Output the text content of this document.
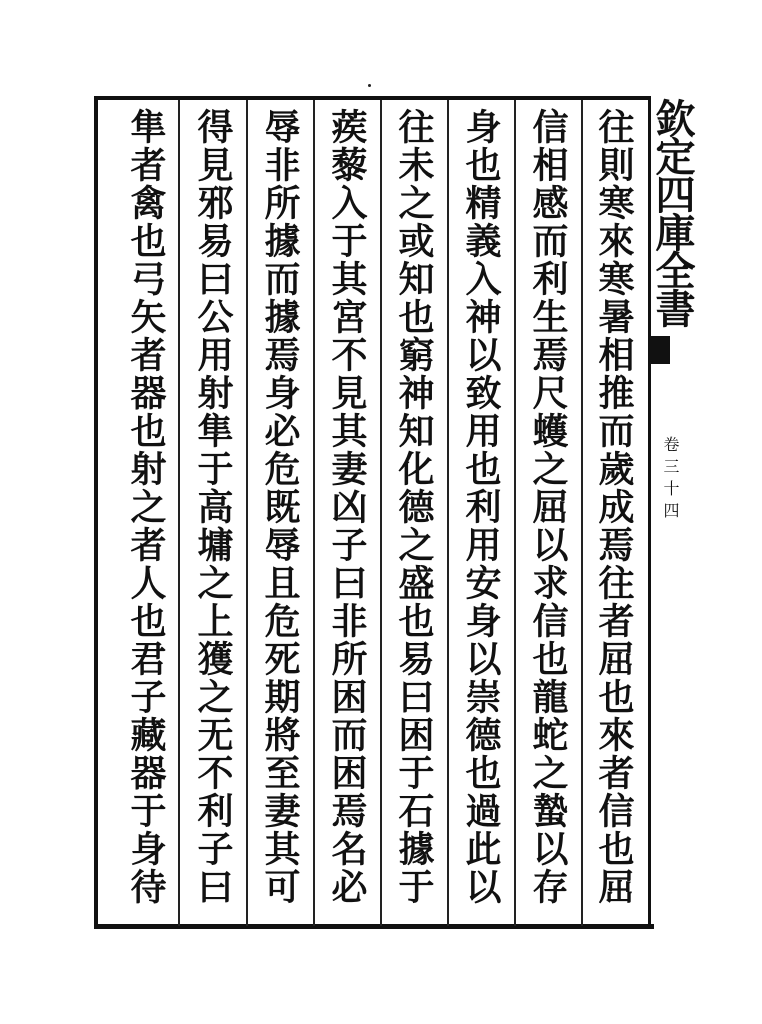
往則寒來寒暑相推而歲成焉往者屈也來者信也屈
信相感而利生焉尺蠖之屈以求信也龍蛇之蟄以存
身也精義入神以致用也利用安身以崇德也過此以
往未之或知也窮神知化德之盛也易曰困于石據于
蒺藜入于其宮不見其妻凶子曰非所困而困焉名必
辱非所據而據焉身必危既辱且危死期將至妻其可
得見邪易曰公用射隼于高墉之上獲之无不利子曰
隼者禽也弓矢者器也射之者人也君子藏器于身待	欽定四庫全書
卷三十四
